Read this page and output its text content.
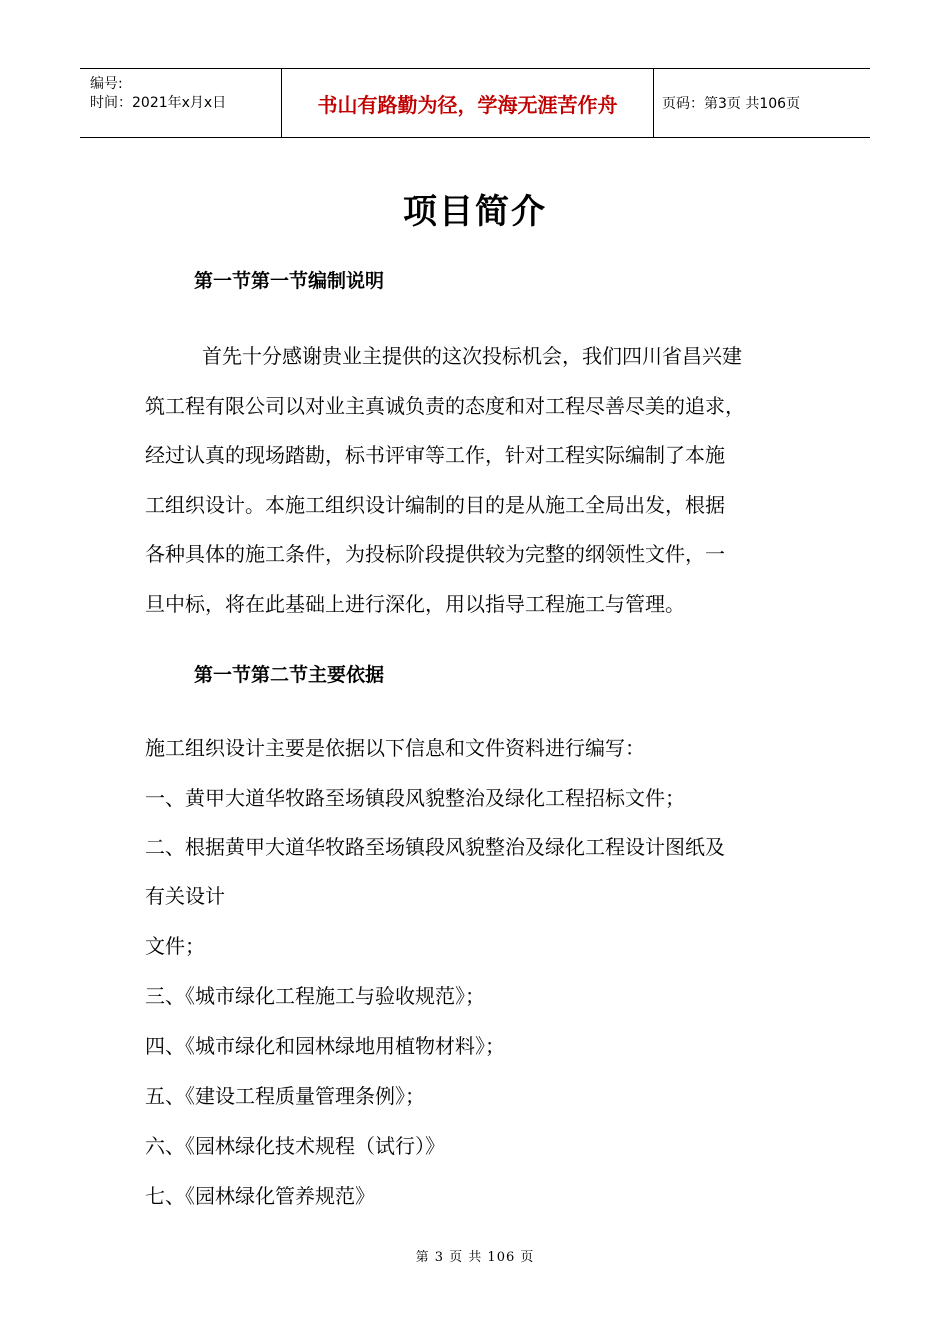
编号:
时间：2021年x月x日	书山有路勤为径，学海无涯苦作舟	页码：第3页 共106页
项目简介
第一节第一节编制说明
首先十分感谢贵业主提供的这次投标机会，我们四川省昌兴建
筑工程有限公司以对业主真诚负责的态度和对工程尽善尽美的追求，
经过认真的现场踏勘，标书评审等工作，针对工程实际编制了本施
工组织设计。本施工组织设计编制的目的是从施工全局出发，根据
各种具体的施工条件，为投标阶段提供较为完整的纲领性文件，一
旦中标，将在此基础上进行深化，用以指导工程施工与管理。
第一节第二节主要依据
施工组织设计主要是依据以下信息和文件资料进行编写：
一、黄甲大道华牧路至场镇段风貌整治及绿化工程招标文件；
二、根据黄甲大道华牧路至场镇段风貌整治及绿化工程设计图纸及
有关设计
文件；
三、《城市绿化工程施工与验收规范》；
四、《城市绿化和园林绿地用植物材料》；
五、《建设工程质量管理条例》；
六、《园林绿化技术规程（试行）》
七、《园林绿化管养规范》
第 3 页 共 106 页
